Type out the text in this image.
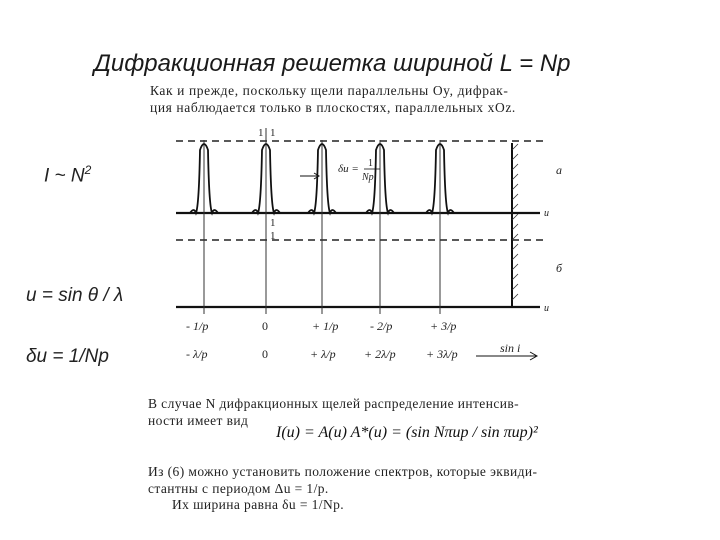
Дифракционная решетка шириной L = Np
Как и прежде, поскольку щели параллельны Oy, дифрак-
ция наблюдается только в плоскостях, параллельных xOz.
I ~ $N^2$
u = sin θ / λ
δu = 1/Np
δu = 1
Np
1 1
1
1
a
u
б
u
- 1/p	0	+ 1/p	- 2/p	+ 3/p
- λ/p	0	+ λ/p + 2λ/p	+ 3λ/p	sin i
В случае N дифракционных щелей распределение интенсив-
ности имеет вид
I(u) = A(u) A*(u) = (sin Nπup / sin πup)²
Из (6) можно установить положение спектров, которые эквиди-
стантны с периодом Δu = 1/p.
Их ширина равна δu = 1/Np.
